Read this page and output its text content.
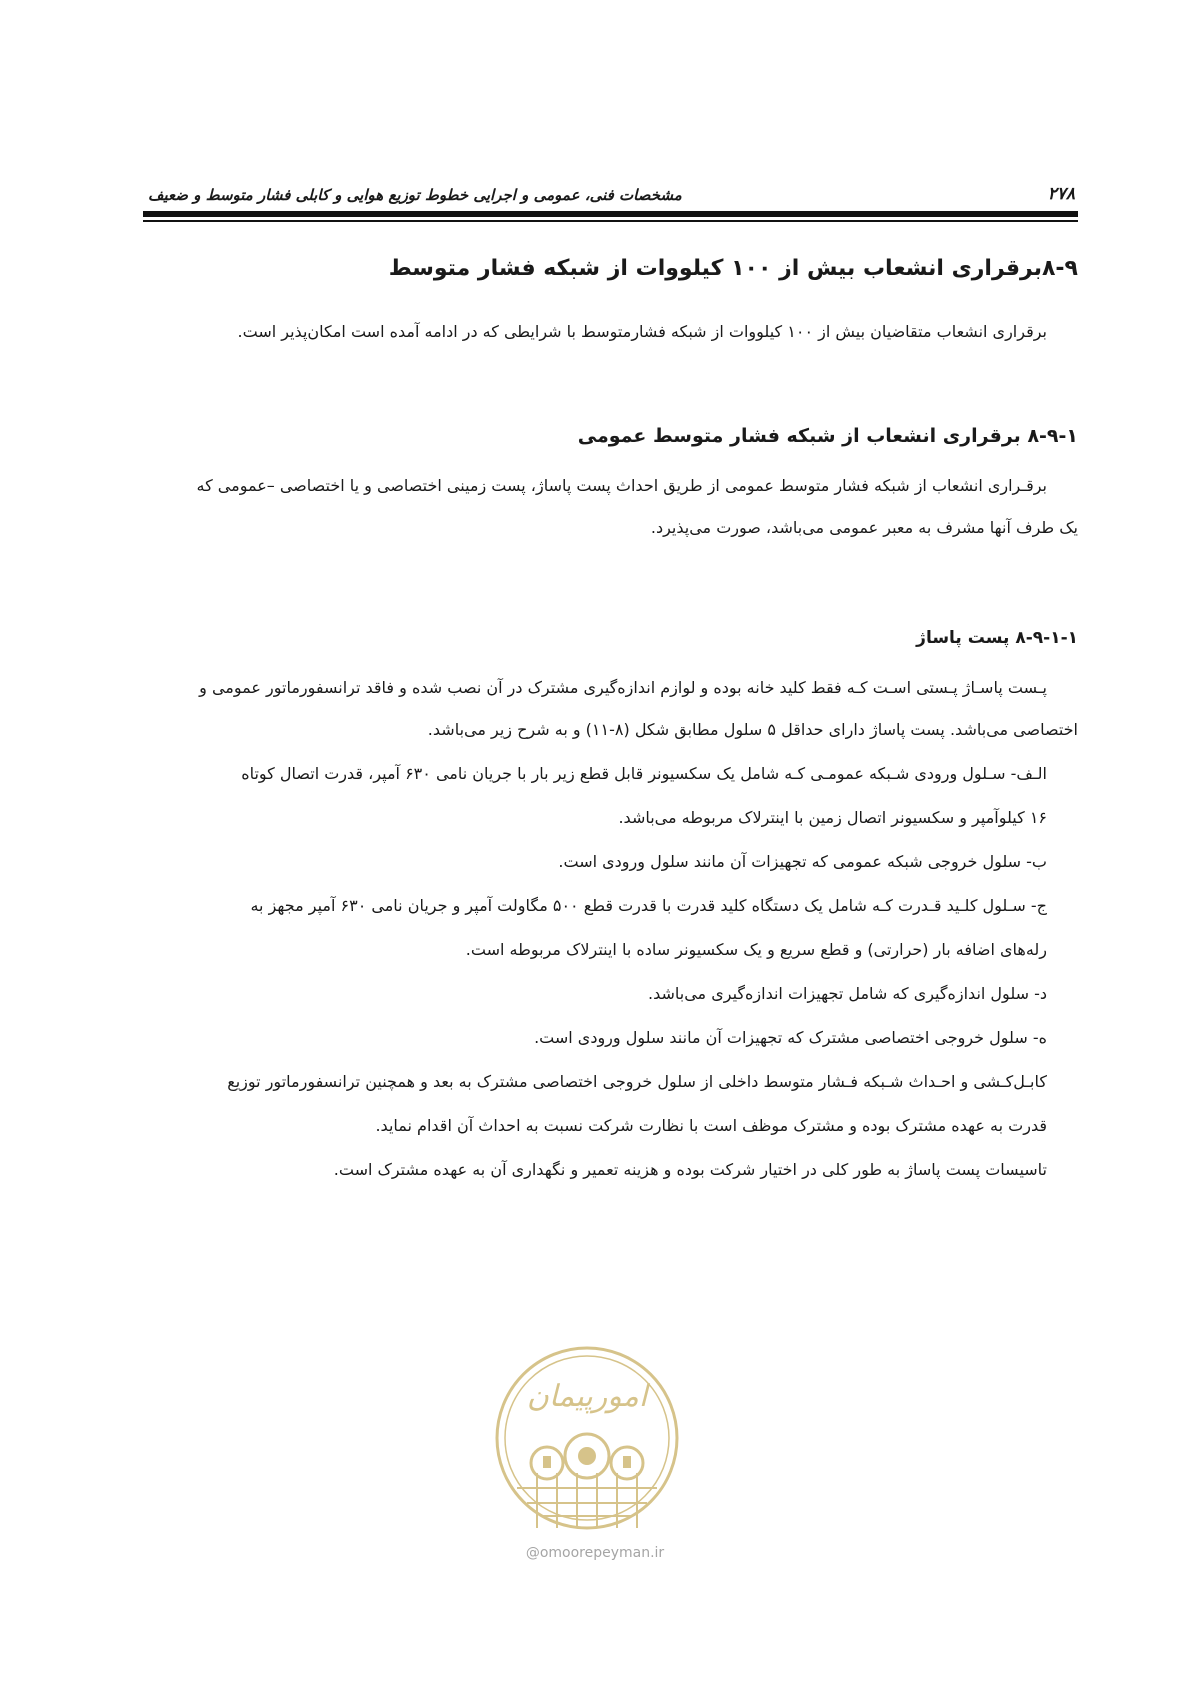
مشخصات فنی، عمومی و اجرایی خطوط توزیع هوایی و کابلی فشار متوسط و ضعیف	۲۷۸
۸-۹برقراری انشعاب بیش از ۱۰۰ کیلووات از شبکه فشار متوسط
برقراری انشعاب متقاضیان بیش از ۱۰۰ کیلووات از شبکه فشارمتوسط با شرایطی که در ادامه آمده است امکان‌پذیر است.
۸-۹-۱ برقراری انشعاب از شبکه فشار متوسط عمومی
برقـراری انشعاب از شبکه فشار متوسط عمومی از طریق احداث پست پاساژ، پست زمینی اختصاصی و یا اختصاصی –عمومی که
یک طرف آنها مشرف به معبر عمومی می‌باشد، صورت می‌پذیرد.
۸-۹-۱-۱ پست پاساژ
پـست پاسـاژ پـستی اسـت کـه فقط کلید خانه بوده و لوازم اندازه‌گیری مشترک در آن نصب شده و فاقد ترانسفورماتور عمومی و
اختصاصی می‌باشد. پست پاساژ دارای حداقل ۵ سلول مطابق شکل (۸-۱۱) و به شرح زیر می‌باشد.
الـف- سـلول ورودی شـبکه عمومـی کـه شامل یک سکسیونر قابل قطع زیر بار با جریان نامی ۶۳۰ آمپر، قدرت اتصال کوتاه
۱۶ کیلوآمپر و سکسیونر اتصال زمین با اینترلاک مربوطه می‌باشد.
ب- سلول خروجی شبکه عمومی که تجهیزات آن مانند سلول ورودی است.
ج- سـلول کلـید قـدرت کـه شامل یک دستگاه کلید قدرت با قدرت قطع ۵۰۰ مگاولت آمپر و جریان نامی ۶۳۰ آمپر مجهز به
رله‌های اضافه بار (حرارتی) و قطع سریع و یک سکسیونر ساده با اینترلاک مربوطه است.
د- سلول اندازه‌گیری که شامل تجهیزات اندازه‌گیری می‌باشد.
ه- سلول خروجی اختصاصی مشترک که تجهیزات آن مانند سلول ورودی است.
کابـل‌کـشی و احـداث شـبکه فـشار متوسط داخلی از سلول خروجی اختصاصی مشترک به بعد و همچنین ترانسفورماتور توزیع
قدرت به عهده مشترک بوده و مشترک موظف است با نظارت شرکت نسبت به احداث آن اقدام نماید.
تاسیسات پست پاساژ به طور کلی در اختیار شرکت بوده و هزینه تعمیر و نگهداری آن به عهده مشترک است.
امورپیمان
@omoorepeyman.ir
